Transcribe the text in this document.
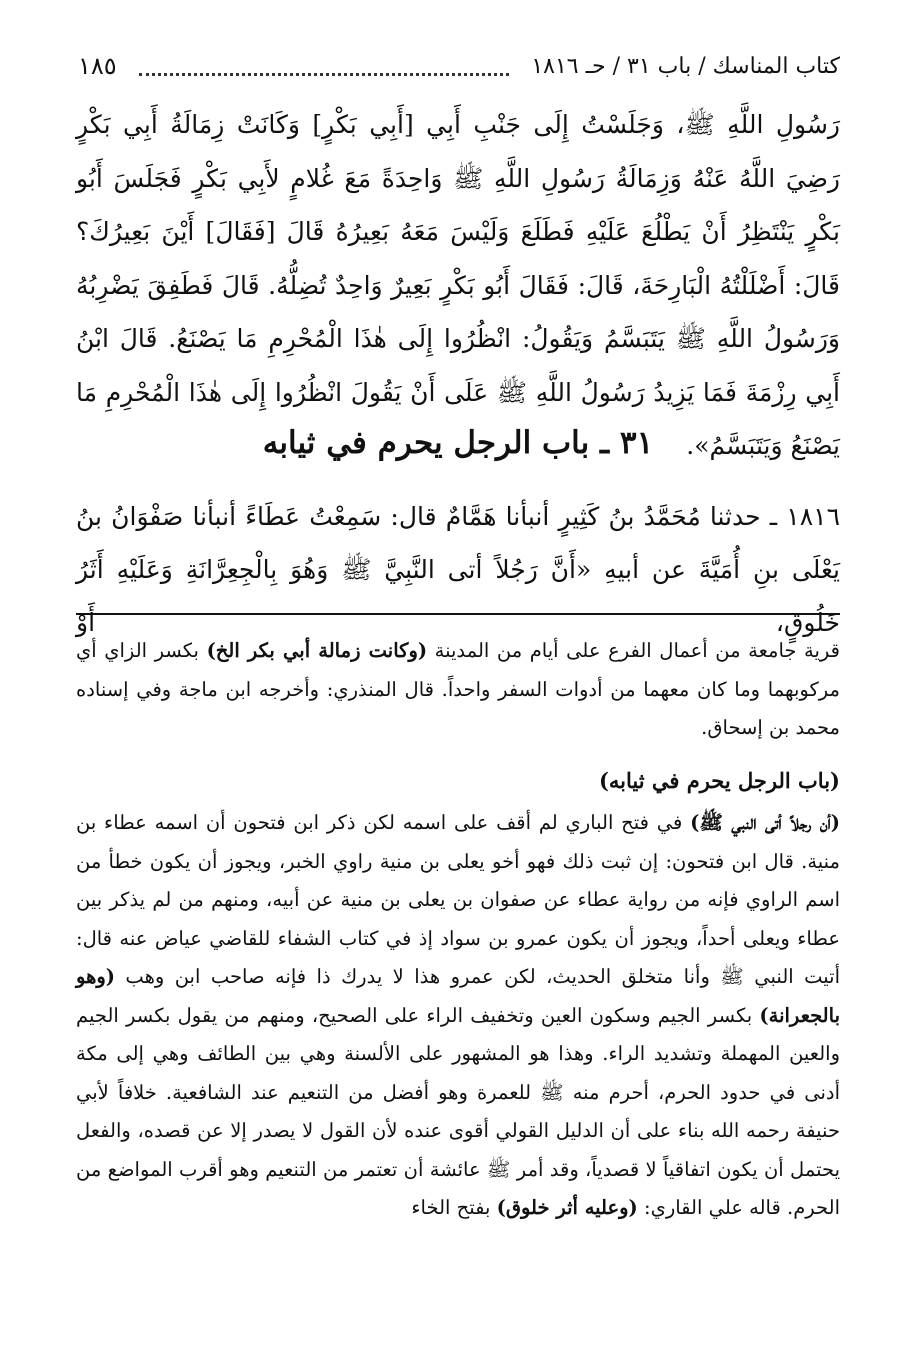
كتاب المناسك / باب ٣١ / حـ ١٨١٦
١٨٥

رَسُولِ اللَّهِ ﷺ، وَجَلَسْتُ إِلَى جَنْبِ أَبِي [أَبِي بَكْرٍ] وَكَانَتْ زِمَالَةُ أَبِي بَكْرٍ رَضِيَ اللَّهُ عَنْهُ وَزِمَالَةُ رَسُولِ اللَّهِ ﷺ وَاحِدَةً مَعَ غُلامٍ لأَبِي بَكْرٍ فَجَلَسَ أَبُو بَكْرٍ يَنْتَظِرُ أَنْ يَطْلُعَ عَلَيْهِ فَطَلَعَ وَلَيْسَ مَعَهُ بَعِيرُهُ قَالَ [فَقَالَ] أَيْنَ بَعِيرُكَ؟ قَالَ: أَضْلَلْتُهُ الْبَارِحَةَ، قَالَ: فَقَالَ أَبُو بَكْرٍ بَعِيرٌ وَاحِدٌ تُضِلُّهُ. قَالَ فَطَفِقَ يَضْرِبُهُ وَرَسُولُ اللَّهِ ﷺ يَتَبَسَّمُ وَيَقُولُ: انْظُرُوا إِلَى هٰذَا الْمُحْرِمِ مَا يَصْنَعُ. قَالَ ابْنُ أَبِي رِزْمَةَ فَمَا يَزِيدُ رَسُولُ اللَّهِ ﷺ عَلَى أَنْ يَقُولَ انْظُرُوا إِلَى هٰذَا الْمُحْرِمِ مَا يَصْنَعُ وَيَتَبَسَّمُ».

٣١ ـ باب الرجل يحرم في ثيابه

١٨١٦ ـ حدثنا مُحَمَّدُ بنُ كَثِيرٍ أنبأنا هَمَّامٌ قال: سَمِعْتُ عَطَاءً أنبأنا صَفْوَانُ بنُ يَعْلَى بنِ أُمَيَّةَ عن أبيهِ «أَنَّ رَجُلاً أتى النَّبِيَّ ﷺ وَهُوَ بِالْجِعِرَّانَةِ وَعَلَيْهِ أَثَرُ خَلُوقٍ، أَوْ

قرية جامعة من أعمال الفرع على أيام من المدينة (وكانت زمالة أبي بكر الخ) بكسر الزاي أي مركوبهما وما كان معهما من أدوات السفر واحداً. قال المنذري: وأخرجه ابن ماجة وفي إسناده محمد بن إسحاق.

(باب الرجل يحرم في ثيابه)

(أن رجلاً أتى النبي ﷺ) في فتح الباري لم أقف على اسمه لكن ذكر ابن فتحون أن اسمه عطاء بن منية. قال ابن فتحون: إن ثبت ذلك فهو أخو يعلى بن منية راوي الخبر، ويجوز أن يكون خطأ من اسم الراوي فإنه من رواية عطاء عن صفوان بن يعلى بن منية عن أبيه، ومنهم من لم يذكر بين عطاء ويعلى أحداً، ويجوز أن يكون عمرو بن سواد إذ في كتاب الشفاء للقاضي عياض عنه قال: أتيت النبي ﷺ وأنا متخلق الحديث، لكن عمرو هذا لا يدرك ذا فإنه صاحب ابن وهب (وهو بالجعرانة) بكسر الجيم وسكون العين وتخفيف الراء على الصحيح، ومنهم من يقول بكسر الجيم والعين المهملة وتشديد الراء. وهذا هو المشهور على الألسنة وهي بين الطائف وهي إلى مكة أدنى في حدود الحرم، أحرم منه ﷺ للعمرة وهو أفضل من التنعيم عند الشافعية. خلافاً لأبي حنيفة رحمه الله بناء على أن الدليل القولي أقوى عنده لأن القول لا يصدر إلا عن قصده، والفعل يحتمل أن يكون اتفاقياً لا قصدياً، وقد أمر ﷺ عائشة أن تعتمر من التنعيم وهو أقرب المواضع من الحرم. قاله علي القاري: (وعليه أثر خلوق) بفتح الخاء
